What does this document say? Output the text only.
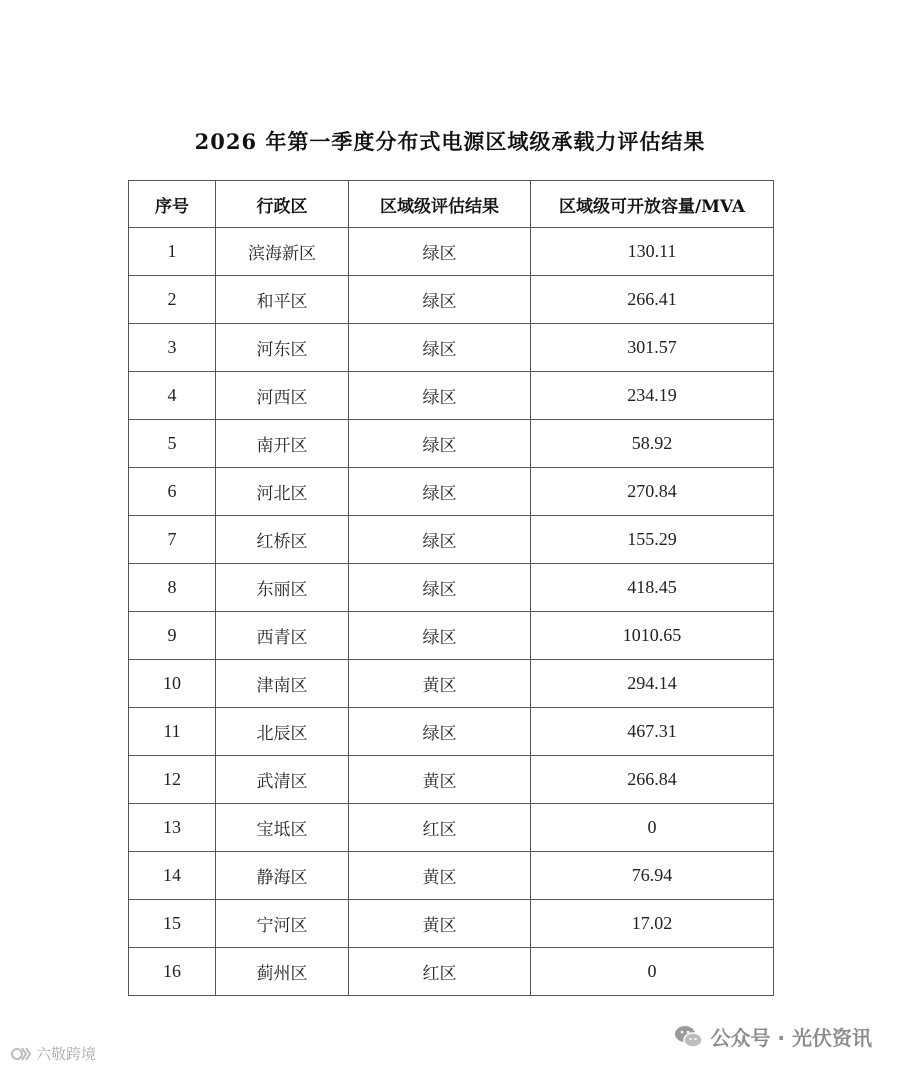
2026 年第一季度分布式电源区域级承载力评估结果
序号	行政区	区域级评估结果	区域级可开放容量/MVA
1	滨海新区	绿区	130.11
2	和平区	绿区	266.41
3	河东区	绿区	301.57
4	河西区	绿区	234.19
5	南开区	绿区	58.92
6	河北区	绿区	270.84
7	红桥区	绿区	155.29
8	东丽区	绿区	418.45
9	西青区	绿区	1010.65
10	津南区	黄区	294.14
11	北辰区	绿区	467.31
12	武清区	黄区	266.84
13	宝坻区	红区	0
14	静海区	黄区	76.94
15	宁河区	黄区	17.02
16	蓟州区	红区	0
六敬跨境
公众号 · 光伏资讯
